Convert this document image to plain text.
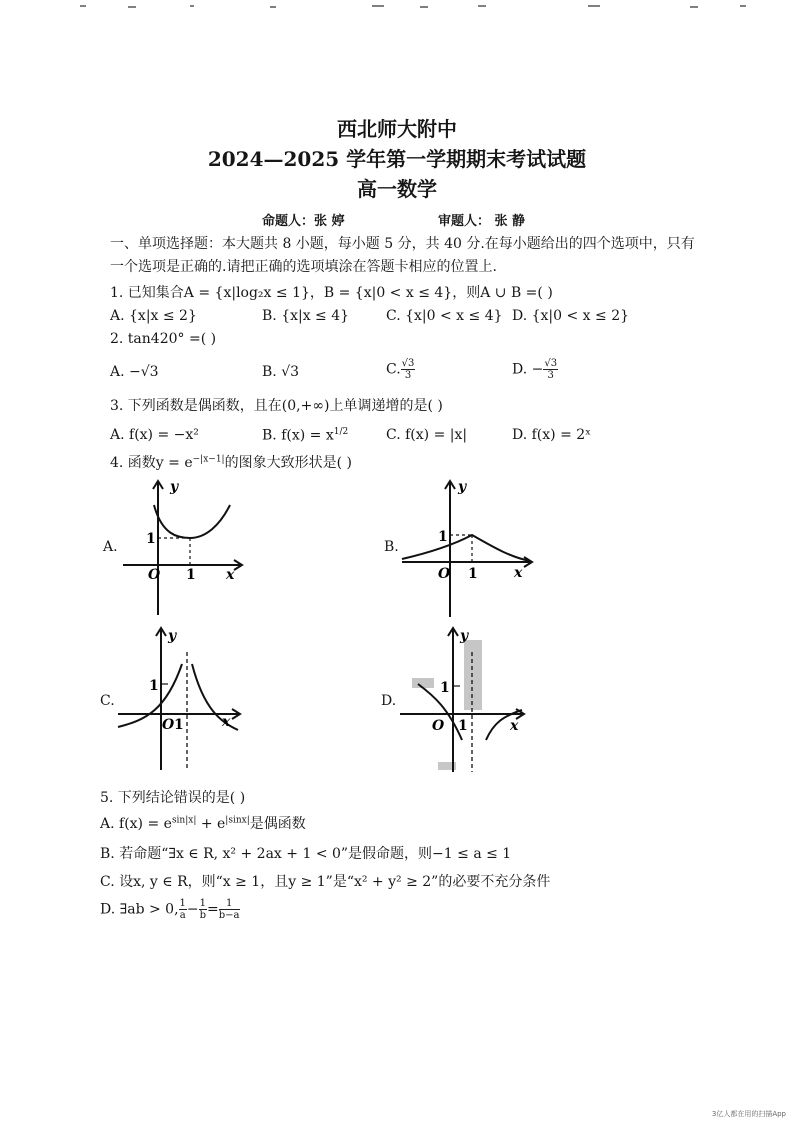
西北师大附中
2024—2025 学年第一学期期末考试试题
高一数学
命题人：张 婷	审题人： 张 静
一、单项选择题：本大题共 8 小题，每小题 5 分，共 40 分.在每小题给出的四个选项中，只有
一个选项是正确的.请把正确的选项填涂在答题卡相应的位置上.
1. 已知集合A = {x|log₂x ≤ 1}，B = {x|0 < x ≤ 4}，则A ∪ B =( )
A. {x|x ≤ 2}	B. {x|x ≤ 4}	C. {x|0 < x ≤ 4} D. {x|0 < x ≤ 2}
2. tan420° =( )
A. −√3	B. √3	C. $\frac{√3}{3}$	D. − $\frac{√3}{3}$
3. 下列函数是偶函数，且在(0,+∞)上单调递增的是( )
A. f(x) = −x²	B. $f(x) = x^{1/2}$	C. f(x) = |x|	D. f(x) = 2ˣ
4. 函数$y = e^{-|x-1|}$的图象大致形状是( )
A.
y
x
O 1
1	B.
y
x
O 1
1
C.
y
x
O 1
1
D.
y
x
O 1
1
5. 下列结论错误的是( )
A. $f(x) = e^{sin|x|} + e^{|sinx|}$是偶函数
B. 若命题“∃x ∈ R, x² + 2ax + 1 < 0”是假命题，则−1 ≤ a ≤ 1
C. 设x, y ∈ R，则“x ≥ 1，且y ≥ 1”是“x² + y² ≥ 2”的必要不充分条件
D. ∃ab > 0, $\frac{1}{a} - \frac{1}{b} = \frac{1}{b-a}$
3亿人都在用的扫描App
